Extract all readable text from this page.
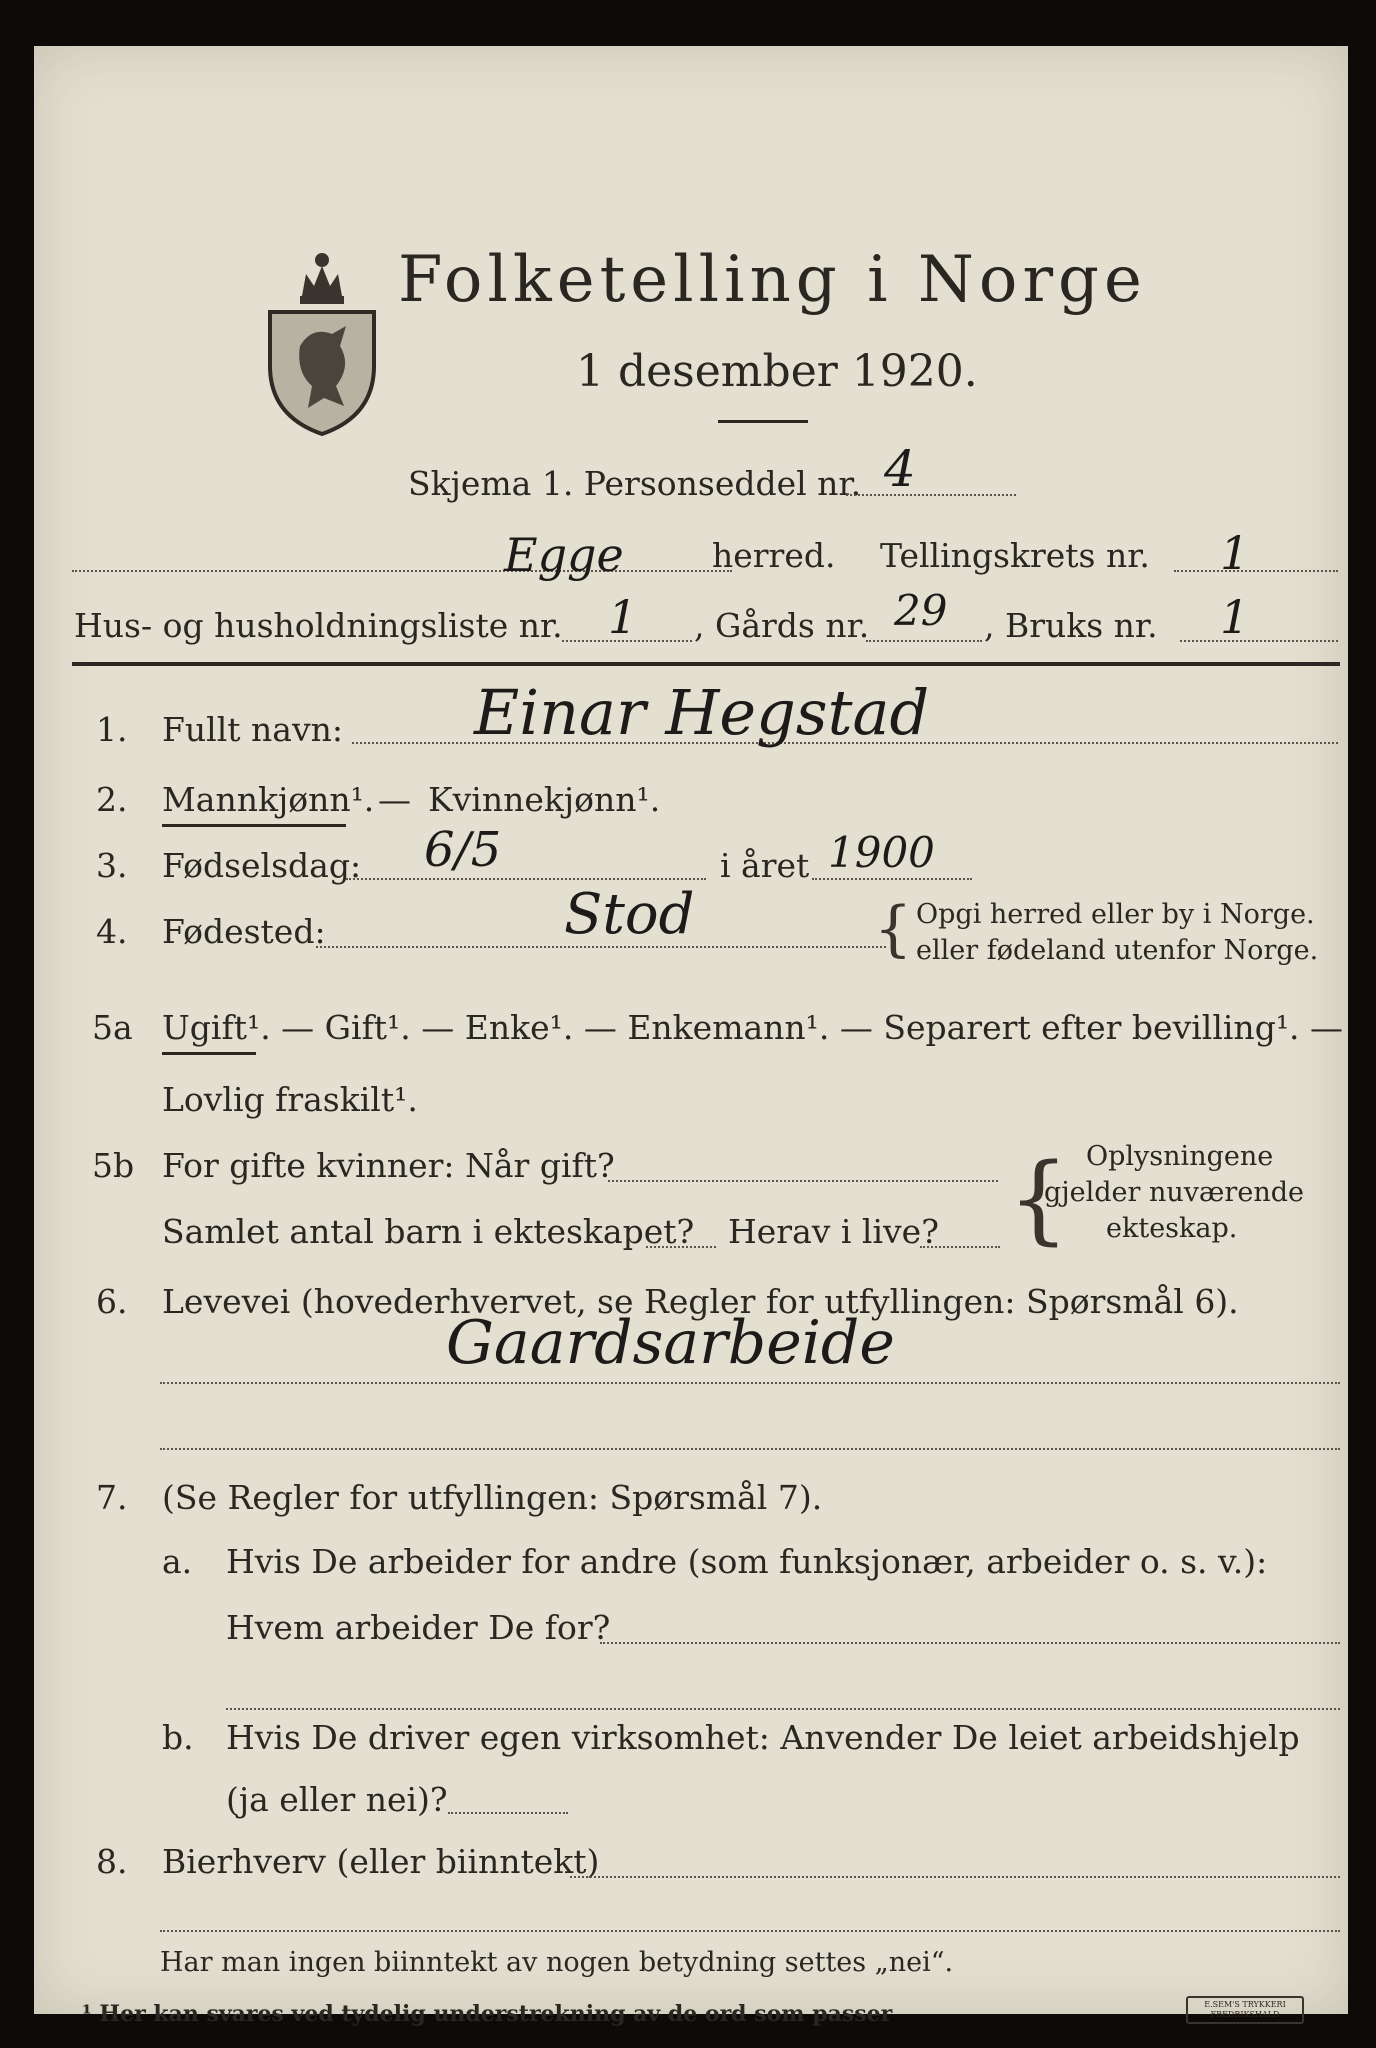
Folketelling i Norge
1 desember 1920.
Skjema 1. Personseddel nr. 4
Egge	herred. Tellingskrets nr. 1
Hus- og husholdningsliste nr. 1 , Gårds nr. 29 , Bruks nr. 1
1. Fullt navn: Einar Hegstad
2. Mannkjønn¹. — Kvinnekjønn¹.
3. Fødselsdag: 6/5	i året 1900
4. Fødested:	Stod	{ Opgi herred eller by i Norge.
eller fødeland utenfor Norge.
5a Ugift¹. — Gift¹. — Enke¹. — Enkemann¹. — Separert efter bevilling¹. —
Lovlig fraskilt¹.
5b For gifte kvinner: Når gift?
Samlet antal barn i ekteskapet? Herav i live? { Oplysningene
gjelder nuværende
ekteskap.
6. Levevei (hovederhvervet, se Regler for utfyllingen: Spørsmål 6).
Gaardsarbeide
7. (Se Regler for utfyllingen: Spørsmål 7).
a. Hvis De arbeider for andre (som funksjonær, arbeider o. s. v.):
Hvem arbeider De for?
b. Hvis De driver egen virksomhet: Anvender De leiet arbeidshjelp
(ja eller nei)?
8. Bierhverv (eller biinntekt)
Har man ingen biinntekt av nogen betydning settes „nei“.
¹ Her kan svares ved tydelig understrekning av de ord som passer	E.SEM'S TRYKKERI FREDRIKSHALD
